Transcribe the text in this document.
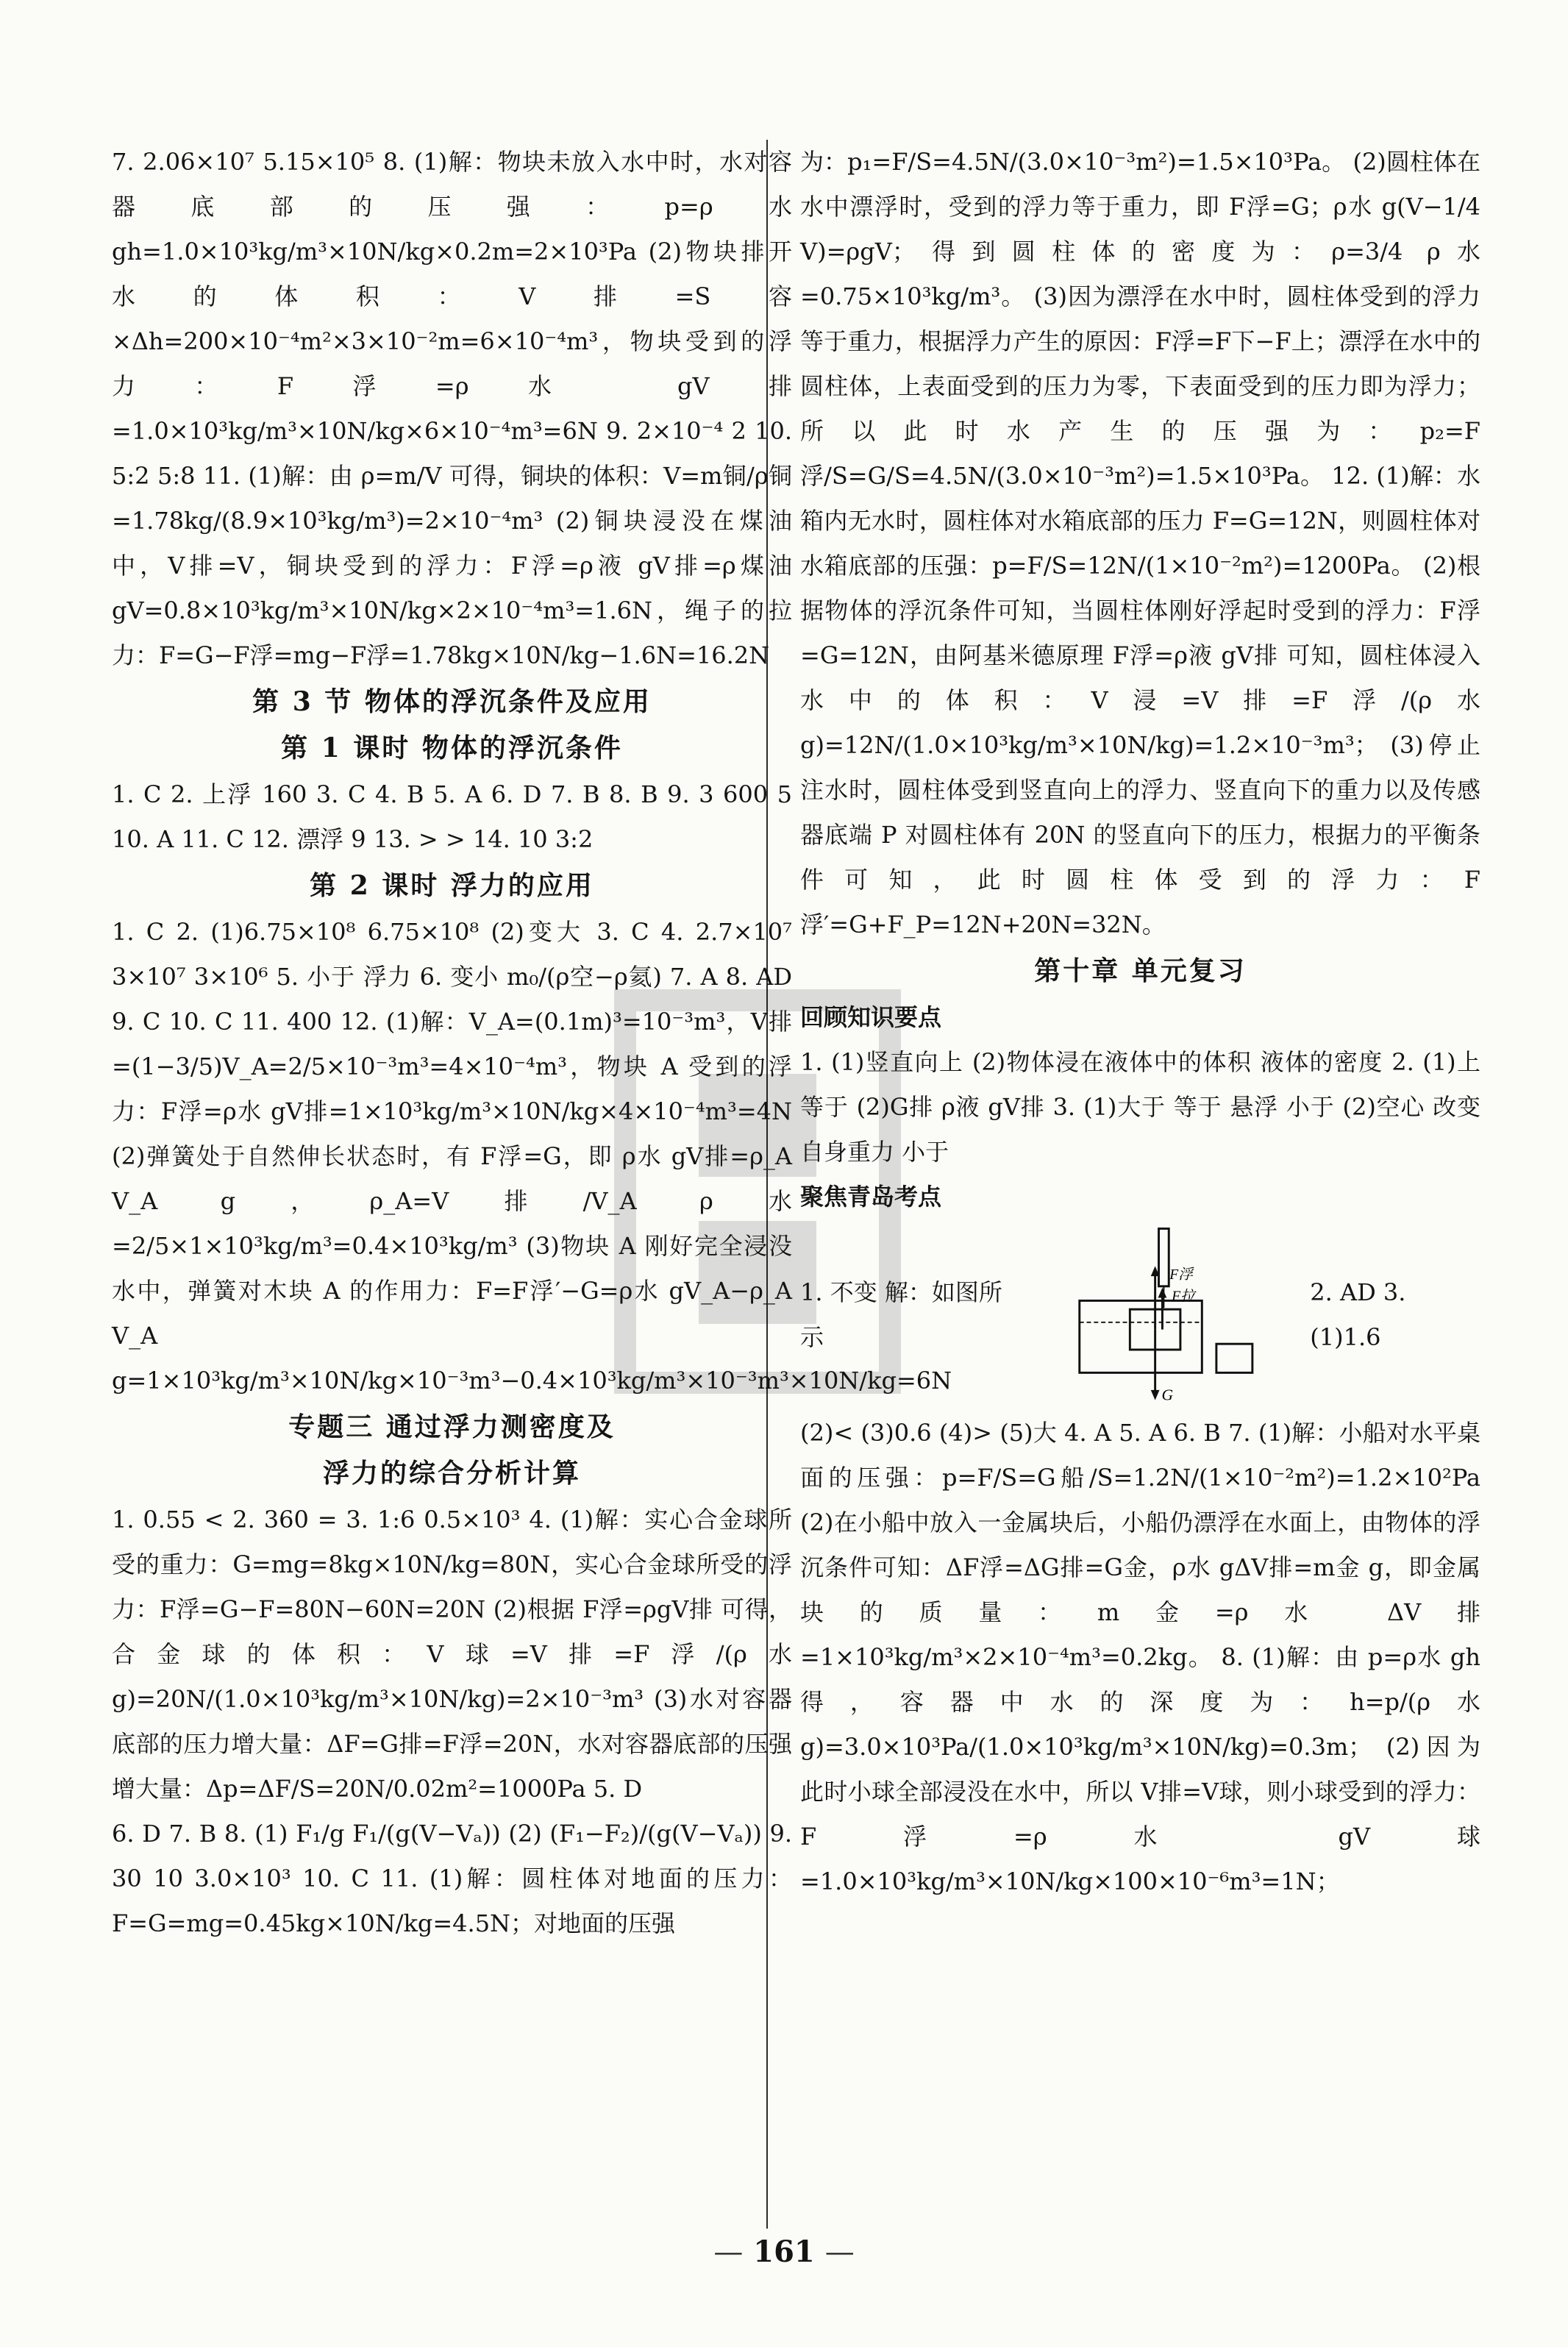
7. 2.06×10⁷ 5.15×10⁵ 8. (1)解：物块未放入水中时，水对容器底部的压强：p=ρ水 gh=1.0×10³kg/m³×10N/kg×0.2m=2×10³Pa (2)物块排开水的体积：V排=S容×Δh=200×10⁻⁴m²×3×10⁻²m=6×10⁻⁴m³，物块受到的浮力：F浮=ρ水 gV排=1.0×10³kg/m³×10N/kg×6×10⁻⁴m³=6N 9. 2×10⁻⁴ 2 10. 5:2 5:8 11. (1)解：由 ρ=m/V 可得，铜块的体积：V=m铜/ρ铜=1.78kg/(8.9×10³kg/m³)=2×10⁻⁴m³ (2)铜块浸没在煤油中，V排=V，铜块受到的浮力：F浮=ρ液 gV排=ρ煤油 gV=0.8×10³kg/m³×10N/kg×2×10⁻⁴m³=1.6N，绳子的拉力：F=G−F浮=mg−F浮=1.78kg×10N/kg−1.6N=16.2N

第 3 节 物体的浮沉条件及应用
第 1 课时 物体的浮沉条件

1. C 2. 上浮 160 3. C 4. B 5. A 6. D 7. B 8. B 9. 3 600 5 10. A 11. C 12. 漂浮 9 13. > > 14. 10 3:2

第 2 课时 浮力的应用

1. C 2. (1)6.75×10⁸ 6.75×10⁸ (2)变大 3. C 4. 2.7×10⁷ 3×10⁷ 3×10⁶ 5. 小于 浮力 6. 变小 m₀/(ρ空−ρ氦) 7. A 8. AD 9. C 10. C 11. 400 12. (1)解：V_A=(0.1m)³=10⁻³m³，V排=(1−3/5)V_A=2/5×10⁻³m³=4×10⁻⁴m³，物块 A 受到的浮力：F浮=ρ水 gV排=1×10³kg/m³×10N/kg×4×10⁻⁴m³=4N (2)弹簧处于自然伸长状态时，有 F浮=G，即 ρ水 gV排=ρ_A V_A g，ρ_A=V排/V_A ρ水=2/5×1×10³kg/m³=0.4×10³kg/m³ (3)物块 A 刚好完全浸没水中，弹簧对木块 A 的作用力：F=F浮′−G=ρ水 gV_A−ρ_A V_A g=1×10³kg/m³×10N/kg×10⁻³m³−0.4×10³kg/m³×10⁻³m³×10N/kg=6N

专题三 通过浮力测密度及
浮力的综合分析计算

1. 0.55 < 2. 360 = 3. 1:6 0.5×10³ 4. (1)解：实心合金球所受的重力：G=mg=8kg×10N/kg=80N，实心合金球所受的浮力：F浮=G−F=80N−60N=20N (2)根据 F浮=ρgV排 可得，合金球的体积：V球=V排=F浮/(ρ水 g)=20N/(1.0×10³kg/m³×10N/kg)=2×10⁻³m³ (3)水对容器底部的压力增大量：ΔF=G排=F浮=20N，水对容器底部的压强增大量：Δp=ΔF/S=20N/0.02m²=1000Pa 5. D

6. D 7. B 8. (1) F₁/g F₁/(g(V−Vₐ)) (2) (F₁−F₂)/(g(V−Vₐ)) 9. 30 10 3.0×10³ 10. C 11. (1)解：圆柱体对地面的压力：F=G=mg=0.45kg×10N/kg=4.5N；对地面的压强

为：p₁=F/S=4.5N/(3.0×10⁻³m²)=1.5×10³Pa。 (2)圆柱体在水中漂浮时，受到的浮力等于重力，即 F浮=G；ρ水 g(V−1/4 V)=ρgV；得到圆柱体的密度为：ρ=3/4 ρ水=0.75×10³kg/m³。 (3)因为漂浮在水中时，圆柱体受到的浮力等于重力，根据浮力产生的原因：F浮=F下−F上；漂浮在水中的圆柱体，上表面受到的压力为零，下表面受到的压力即为浮力；所以此时水产生的压强为：p₂=F浮/S=G/S=4.5N/(3.0×10⁻³m²)=1.5×10³Pa。 12. (1)解：水箱内无水时，圆柱体对水箱底部的压力 F=G=12N，则圆柱体对水箱底部的压强：p=F/S=12N/(1×10⁻²m²)=1200Pa。 (2)根据物体的浮沉条件可知，当圆柱体刚好浮起时受到的浮力：F浮=G=12N，由阿基米德原理 F浮=ρ液 gV排 可知，圆柱体浸入水中的体积：V浸=V排=F浮/(ρ水 g)=12N/(1.0×10³kg/m³×10N/kg)=1.2×10⁻³m³； (3)停止注水时，圆柱体受到竖直向上的浮力、竖直向下的重力以及传感器底端 P 对圆柱体有 20N 的竖直向下的压力，根据力的平衡条件可知，此时圆柱体受到的浮力：F浮′=G+F_P=12N+20N=32N。

第十章 单元复习
回顾知识要点

1. (1)竖直向上 (2)物体浸在液体中的体积 液体的密度 2. (1)上 等于 (2)G排 ρ液 gV排 3. (1)大于 等于 悬浮 小于 (2)空心 改变自身重力 小于

聚焦青岛考点
1. 不变 解：如图所示
F浮
F拉
G
2. AD 3. (1)1.6

(2)< (3)0.6 (4)> (5)大 4. A 5. A 6. B 7. (1)解：小船对水平桌面的压强：p=F/S=G船/S=1.2N/(1×10⁻²m²)=1.2×10²Pa (2)在小船中放入一金属块后，小船仍漂浮在水面上，由物体的浮沉条件可知：ΔF浮=ΔG排=G金，ρ水 gΔV排=m金 g，即金属块的质量：m金=ρ水 ΔV排=1×10³kg/m³×2×10⁻⁴m³=0.2kg。 8. (1)解：由 p=ρ水 gh 得，容器中水的深度为：h=p/(ρ水 g)=3.0×10³Pa/(1.0×10³kg/m³×10N/kg)=0.3m； (2)因为此时小球全部浸没在水中，所以 V排=V球，则小球受到的浮力：F浮=ρ水 gV球=1.0×10³kg/m³×10N/kg×100×10⁻⁶m³=1N；

— 161 —
